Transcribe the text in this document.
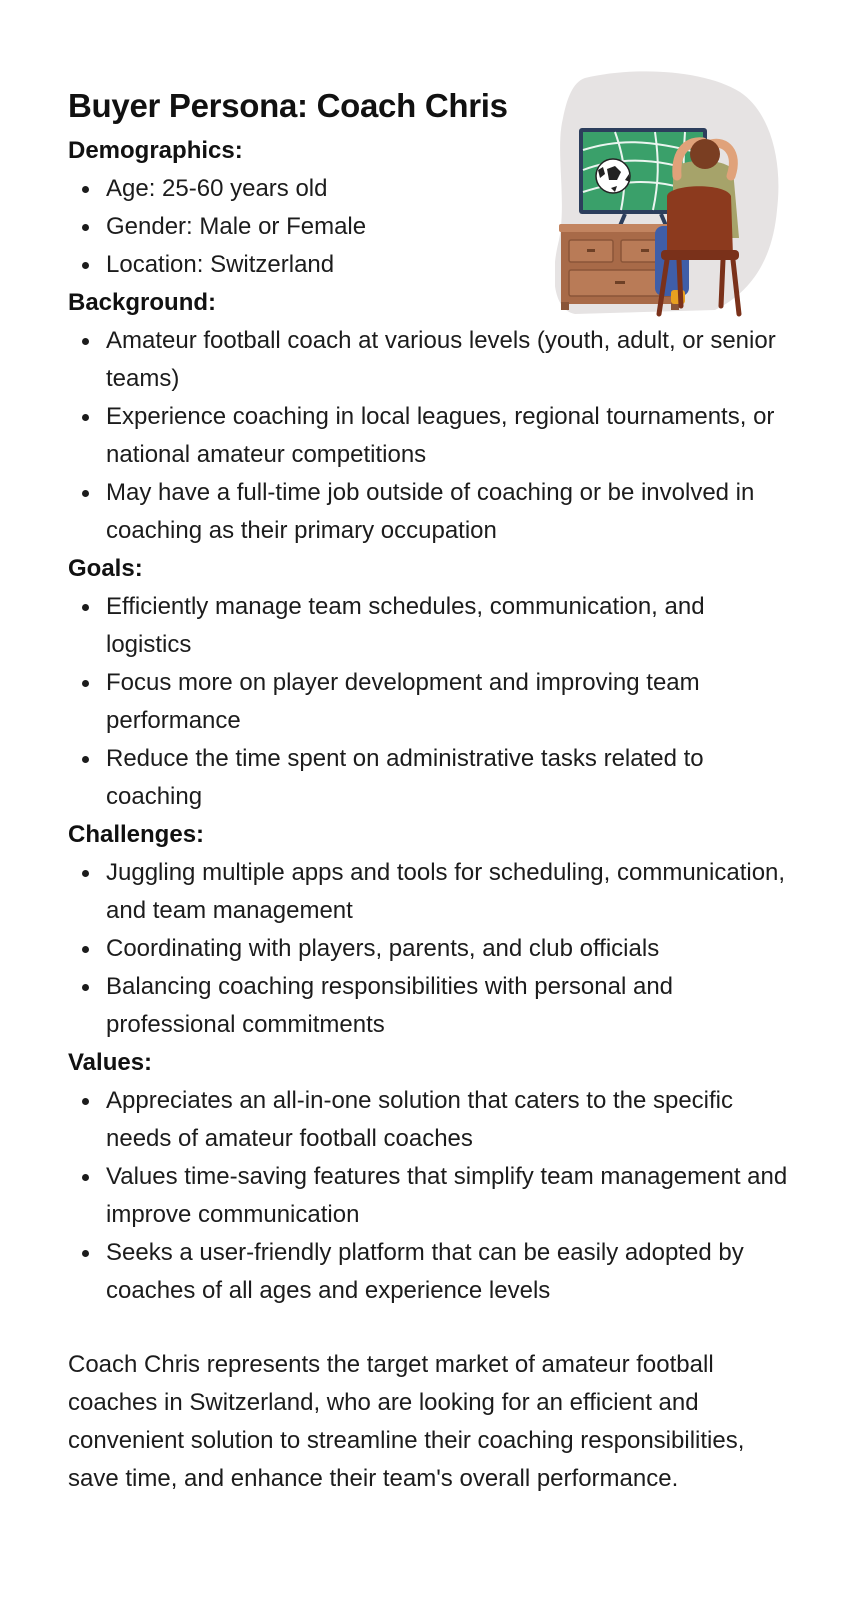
Buyer Persona: Coach Chris
Demographics:
Age: 25-60 years old
Gender: Male or Female
Location: Switzerland
Background:
Amateur football coach at various levels (youth, adult, or senior teams)
Experience coaching in local leagues, regional tournaments, or national amateur competitions
May have a full-time job outside of coaching or be involved in coaching as their primary occupation
Goals:
Efficiently manage team schedules, communication, and logistics
Focus more on player development and improving team performance
Reduce the time spent on administrative tasks related to coaching
Challenges:
Juggling multiple apps and tools for scheduling, communication, and team management
Coordinating with players, parents, and club officials
Balancing coaching responsibilities with personal and professional commitments
Values:
Appreciates an all-in-one solution that caters to the specific needs of amateur football coaches
Values time-saving features that simplify team management and improve communication
Seeks a user-friendly platform that can be easily adopted by coaches of all ages and experience levels

Coach Chris represents the target market of amateur football coaches in Switzerland, who are looking for an efficient and convenient solution to streamline their coaching responsibilities, save time, and enhance their team's overall performance.
